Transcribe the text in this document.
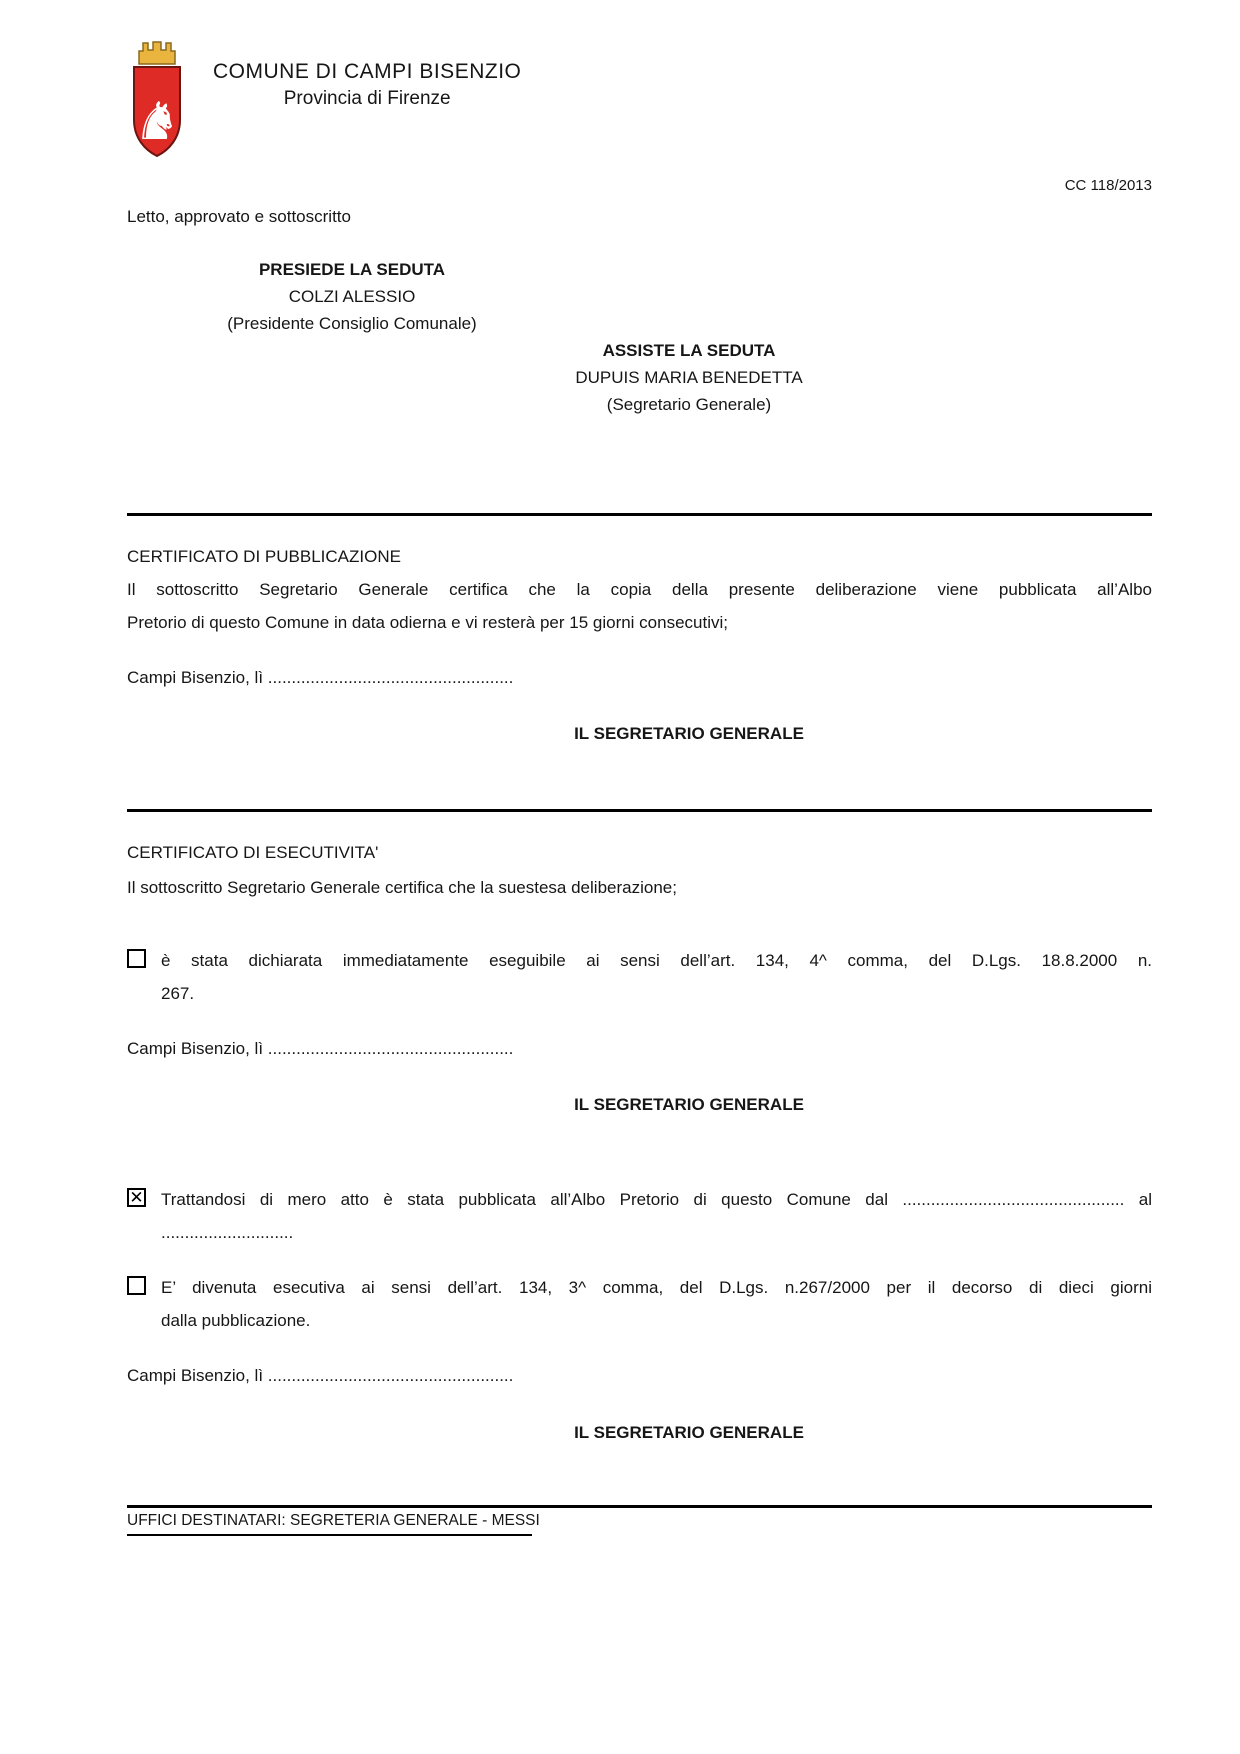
♞
COMUNE DI CAMPI BISENZIO
Provincia di Firenze
CC 118/2013
Letto, approvato e sottoscritto
PRESIEDE LA SEDUTA
COLZI ALESSIO
(Presidente Consiglio Comunale)
ASSISTE LA SEDUTA
DUPUIS MARIA BENEDETTA
(Segretario Generale)
CERTIFICATO DI PUBBLICAZIONE
Il sottoscritto Segretario Generale certifica che la copia della presente deliberazione viene pubblicata all’Albo
Pretorio di questo Comune in data odierna e vi resterà per 15 giorni consecutivi;
Campi Bisenzio, lì ....................................................
IL SEGRETARIO GENERALE
CERTIFICATO DI ESECUTIVITA'
Il sottoscritto Segretario Generale certifica che la suestesa deliberazione;
è stata dichiarata immediatamente eseguibile ai sensi dell’art. 134, 4^ comma, del D.Lgs. 18.8.2000 n.
267.
Campi Bisenzio, lì ....................................................
IL SEGRETARIO GENERALE
✕
Trattandosi di mero atto è stata pubblicata all’Albo Pretorio di questo Comune dal ............................................... al
............................
E’ divenuta esecutiva ai sensi dell’art. 134, 3^ comma, del D.Lgs. n.267/2000 per il decorso di dieci giorni
dalla pubblicazione.
Campi Bisenzio, lì ....................................................
IL SEGRETARIO GENERALE
UFFICI DESTINATARI: SEGRETERIA GENERALE - MESSI
